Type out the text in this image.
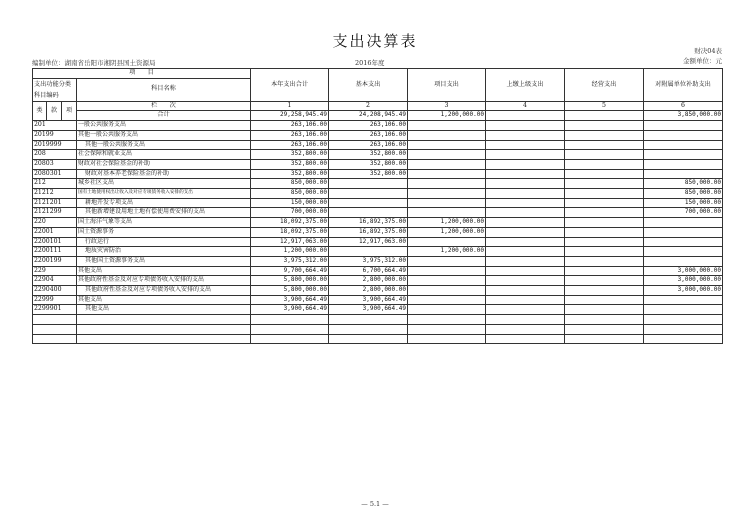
支出决算表
财决04表
编制单位：湖南省岳阳市湘阴县国土资源局	2016年度	金额单位：元
项　　目				本年支出合计	基本支出	项目支出	上缴上级支出	经营支出	对附属单位补助支出
支出功能分类科目编码			科目名称						

类	款	项	栏　　次	1	2	3	4	5	6
			合计	29,258,945.49	24,208,945.49	1,200,000.00			3,850,000.00
201			一般公共服务支出	263,106.00	263,106.00				
20199			其他一般公共服务支出	263,106.00	263,106.00				
2019999			其他一般公共服务支出	263,106.00	263,106.00				
208			社会保障和就业支出	352,800.00	352,800.00				
20803			财政对社会保险基金的补助	352,800.00	352,800.00				
2080301			财政对基本养老保险基金的补助	352,800.00	352,800.00				
212			城乡社区支出	850,000.00					850,000.00
21212			国有土地使用权出让收入及对应专项债务收入安排的支出	850,000.00					850,000.00
2121201			耕地开发专项支出	150,000.00					150,000.00
2121299			其他新增建设用地土地有偿使用费安排的支出	700,000.00					700,000.00
220			国土海洋气象等支出	18,092,375.00	16,892,375.00	1,200,000.00			
22001			国土资源事务	18,092,375.00	16,892,375.00	1,200,000.00			
2200101			行政运行	12,917,063.00	12,917,063.00				
2200111			地质灾害防治	1,200,000.00		1,200,000.00			
2200199			其他国土资源事务支出	3,975,312.00	3,975,312.00				
229			其他支出	9,700,664.49	6,700,664.49				3,000,000.00
22904			其他政府性基金及对应专项债务收入安排的支出	5,800,000.00	2,800,000.00				3,000,000.00
2290400			其他政府性基金及对应专项债务收入安排的支出	5,800,000.00	2,800,000.00				3,000,000.00
22999			其他支出	3,900,664.49	3,900,664.49				
2299901			其他支出	3,900,664.49	3,900,664.49				

— 5.1 —
